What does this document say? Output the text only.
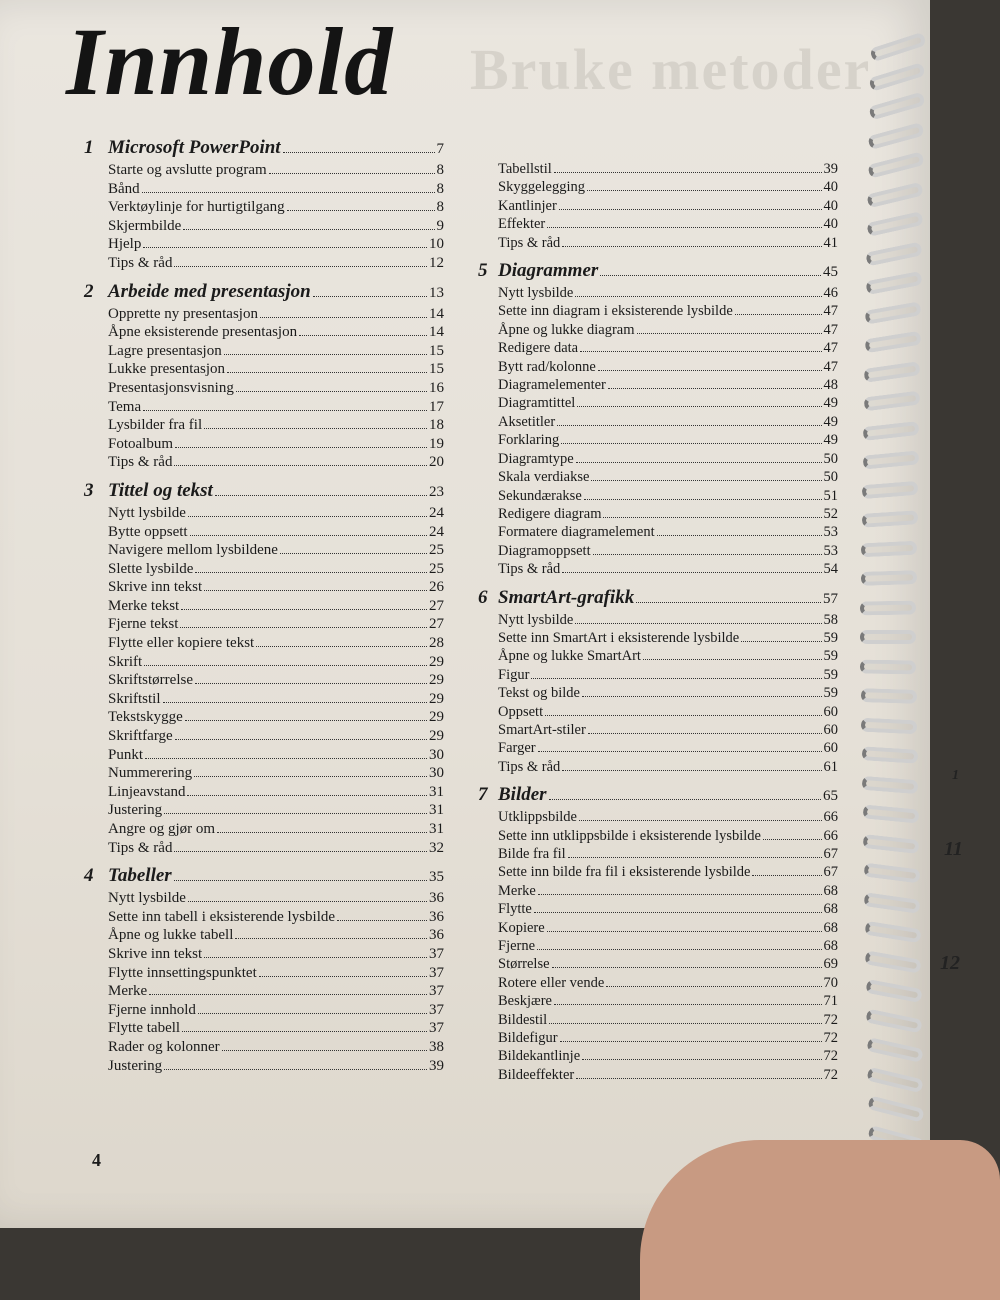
Bruke metoder
Innhold
1 Microsoft PowerPoint	7
Starte og avslutte program	8
Bånd	8
Verktøylinje for hurtigtilgang	8
Skjermbilde	9
Hjelp	10
Tips & råd	12
2 Arbeide med presentasjon	13
Opprette ny presentasjon	14
Åpne eksisterende presentasjon	14
Lagre presentasjon	15
Lukke presentasjon	15
Presentasjonsvisning	16
Tema	17
Lysbilder fra fil	18
Fotoalbum	19
Tips & råd	20
3 Tittel og tekst	23
Nytt lysbilde	24
Bytte oppsett	24
Navigere mellom lysbildene	25
Slette lysbilde	25
Skrive inn tekst	26
Merke tekst	27
Fjerne tekst	27
Flytte eller kopiere tekst	28
Skrift	29
Skriftstørrelse	29
Skriftstil	29
Tekstskygge	29
Skriftfarge	29
Punkt	30
Nummerering	30
Linjeavstand	31
Justering	31
Angre og gjør om	31
Tips & råd	32
4 Tabeller	35
Nytt lysbilde	36
Sette inn tabell i eksisterende lysbilde	36
Åpne og lukke tabell	36
Skrive inn tekst	37
Flytte innsettingspunktet	37
Merke	37
Fjerne innhold	37
Flytte tabell	37
Rader og kolonner	38
Justering	39
Tabellstil	39
Skyggelegging	40
Kantlinjer	40
Effekter	40
Tips & råd	41
5 Diagrammer	45
Nytt lysbilde	46
Sette inn diagram i eksisterende lysbilde	47
Åpne og lukke diagram	47
Redigere data	47
Bytt rad/kolonne	47
Diagramelementer	48
Diagramtittel	49
Aksetitler	49
Forklaring	49
Diagramtype	50
Skala verdiakse	50
Sekundærakse	51
Redigere diagram	52
Formatere diagramelement	53
Diagramoppsett	53
Tips & råd	54
6 SmartArt-grafikk	57
Nytt lysbilde	58
Sette inn SmartArt i eksisterende lysbilde	59
Åpne og lukke SmartArt	59
Figur	59
Tekst og bilde	59
Oppsett	60
SmartArt-stiler	60
Farger	60
Tips & råd	61
7 Bilder	65
Utklippsbilde	66
Sette inn utklippsbilde i eksisterende lysbilde	66
Bilde fra fil	67
Sette inn bilde fra fil i eksisterende lysbilde	67
Merke	68
Flytte	68
Kopiere	68
Fjerne	68
Størrelse	69
Rotere eller vende	70
Beskjære	71
Bildestil	72
Bildefigur	72
Bildekantlinje	72
Bildeeffekter	72
4
1
11
12
